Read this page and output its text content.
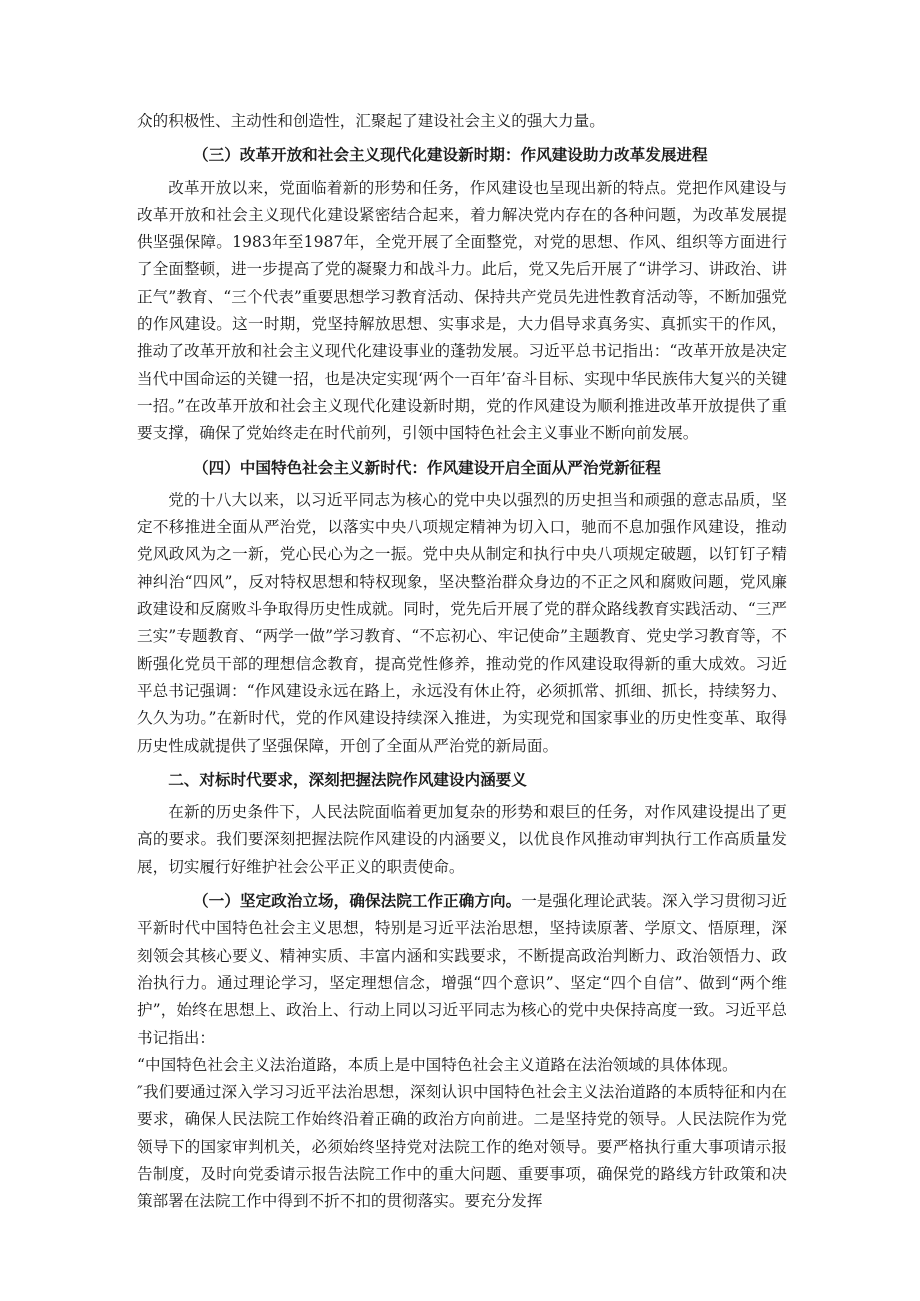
众的积极性、主动性和创造性，汇聚起了建设社会主义的强大力量。

（三）改革开放和社会主义现代化建设新时期：作风建设助力改革发展进程

改革开放以来，党面临着新的形势和任务，作风建设也呈现出新的特点。党把作风建设与改革开放和社会主义现代化建设紧密结合起来，着力解决党内存在的各种问题，为改革发展提供坚强保障。1983年至1987年，全党开展了全面整党，对党的思想、作风、组织等方面进行了全面整顿，进一步提高了党的凝聚力和战斗力。此后，党又先后开展了“讲学习、讲政治、讲正气”教育、“三个代表”重要思想学习教育活动、保持共产党员先进性教育活动等，不断加强党的作风建设。这一时期，党坚持解放思想、实事求是，大力倡导求真务实、真抓实干的作风，推动了改革开放和社会主义现代化建设事业的蓬勃发展。习近平总书记指出：“改革开放是决定当代中国命运的关键一招，也是决定实现‘两个一百年’奋斗目标、实现中华民族伟大复兴的关键一招。”在改革开放和社会主义现代化建设新时期，党的作风建设为顺利推进改革开放提供了重要支撑，确保了党始终走在时代前列，引领中国特色社会主义事业不断向前发展。

（四）中国特色社会主义新时代：作风建设开启全面从严治党新征程

党的十八大以来，以习近平同志为核心的党中央以强烈的历史担当和顽强的意志品质，坚定不移推进全面从严治党，以落实中央八项规定精神为切入口，驰而不息加强作风建设，推动党风政风为之一新，党心民心为之一振。党中央从制定和执行中央八项规定破题，以钉钉子精神纠治“四风”，反对特权思想和特权现象，坚决整治群众身边的不正之风和腐败问题，党风廉政建设和反腐败斗争取得历史性成就。同时，党先后开展了党的群众路线教育实践活动、“三严三实”专题教育、“两学一做”学习教育、“不忘初心、牢记使命”主题教育、党史学习教育等，不断强化党员干部的理想信念教育，提高党性修养，推动党的作风建设取得新的重大成效。习近平总书记强调：“作风建设永远在路上，永远没有休止符，必须抓常、抓细、抓长，持续努力、久久为功。”在新时代，党的作风建设持续深入推进，为实现党和国家事业的历史性变革、取得历史性成就提供了坚强保障，开创了全面从严治党的新局面。

二、对标时代要求，深刻把握法院作风建设内涵要义

在新的历史条件下，人民法院面临着更加复杂的形势和艰巨的任务，对作风建设提出了更高的要求。我们要深刻把握法院作风建设的内涵要义，以优良作风推动审判执行工作高质量发展，切实履行好维护社会公平正义的职责使命。

（一）坚定政治立场，确保法院工作正确方向。一是强化理论武装。深入学习贯彻习近平新时代中国特色社会主义思想，特别是习近平法治思想，坚持读原著、学原文、悟原理，深刻领会其核心要义、精神实质、丰富内涵和实践要求，不断提高政治判断力、政治领悟力、政治执行力。通过理论学习，坚定理想信念，增强“四个意识”、坚定“四个自信”、做到“两个维护”，始终在思想上、政治上、行动上同以习近平同志为核心的党中央保持高度一致。习近平总书记指出：

“中国特色社会主义法治道路，本质上是中国特色社会主义道路在法治领域的具体体现。

″我们要通过深入学习习近平法治思想，深刻认识中国特色社会主义法治道路的本质特征和内在要求，确保人民法院工作始终沿着正确的政治方向前进。二是坚持党的领导。人民法院作为党领导下的国家审判机关，必须始终坚持党对法院工作的绝对领导。要严格执行重大事项请示报告制度，及时向党委请示报告法院工作中的重大问题、重要事项，确保党的路线方针政策和决策部署在法院工作中得到不折不扣的贯彻落实。要充分发挥
